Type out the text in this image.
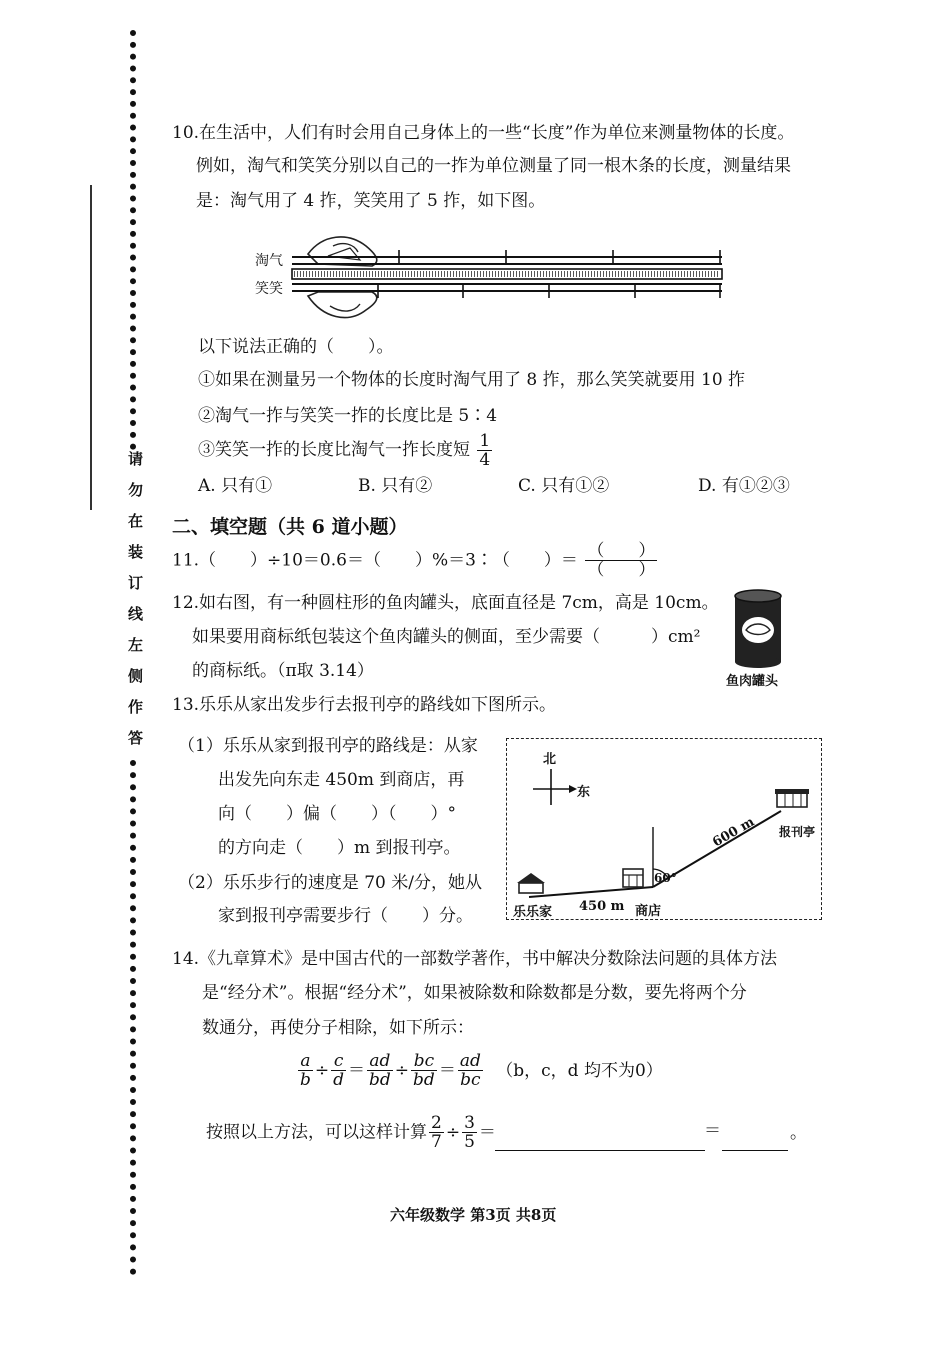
请
勿
在
装
订
线
左
侧
作
答
10.在生活中，人们有时会用自己身体上的一些“长度”作为单位来测量物体的长度。
例如，淘气和笑笑分别以自己的一拃为单位测量了同一根木条的长度，测量结果
是：淘气用了 4 拃，笑笑用了 5 拃，如下图。
淘气
笑笑
以下说法正确的（　　）。
①如果在测量另一个物体的长度时淘气用了 8 拃，那么笑笑就要用 10 拃
②淘气一拃与笑笑一拃的长度比是 5∶4
③笑笑一拃的长度比淘气一拃长度短 $\frac{1}{4}$
A. 只有①	B. 只有②	C. 只有①②	D. 有①②③
二、填空题（共 6 道小题）
11.（　　）÷10＝0.6＝（　　）%＝3∶（　　）＝ $\frac{( )}{( )}$
12.如右图，有一种圆柱形的鱼肉罐头，底面直径是 7cm，高是 10cm。
如果要用商标纸包装这个鱼肉罐头的侧面，至少需要（　　　）cm²
的商标纸。（π取 3.14）
鱼肉罐头
13.乐乐从家出发步行去报刊亭的路线如下图所示。
（1）乐乐从家到报刊亭的路线是：从家
出发先向东走 450m 到商店，再
向（　　）偏（　　）（　　）°
的方向走（　　）m 到报刊亭。
（2）乐乐步行的速度是 70 米/分，她从
家到报刊亭需要步行（　　）分。
北
东
乐乐家 450 m 商店
60°
600 m 报刊亭
14.《九章算术》是中国古代的一部数学著作，书中解决分数除法问题的具体方法
是“经分术”。根据“经分术”，如果被除数和除数都是分数，要先将两个分
数通分，再使分子相除，如下所示：
$\frac{a}{b} \div \frac{c}{d} = \frac{ad}{bd} \div \frac{bc}{bd} = \frac{ad}{bc} (b$，c，d 均不为0）
按照以上方法，可以这样计算 $\frac{2}{7} \div \frac{3}{5}$ ＝	＝	。
六年级数学 第3页 共8页
